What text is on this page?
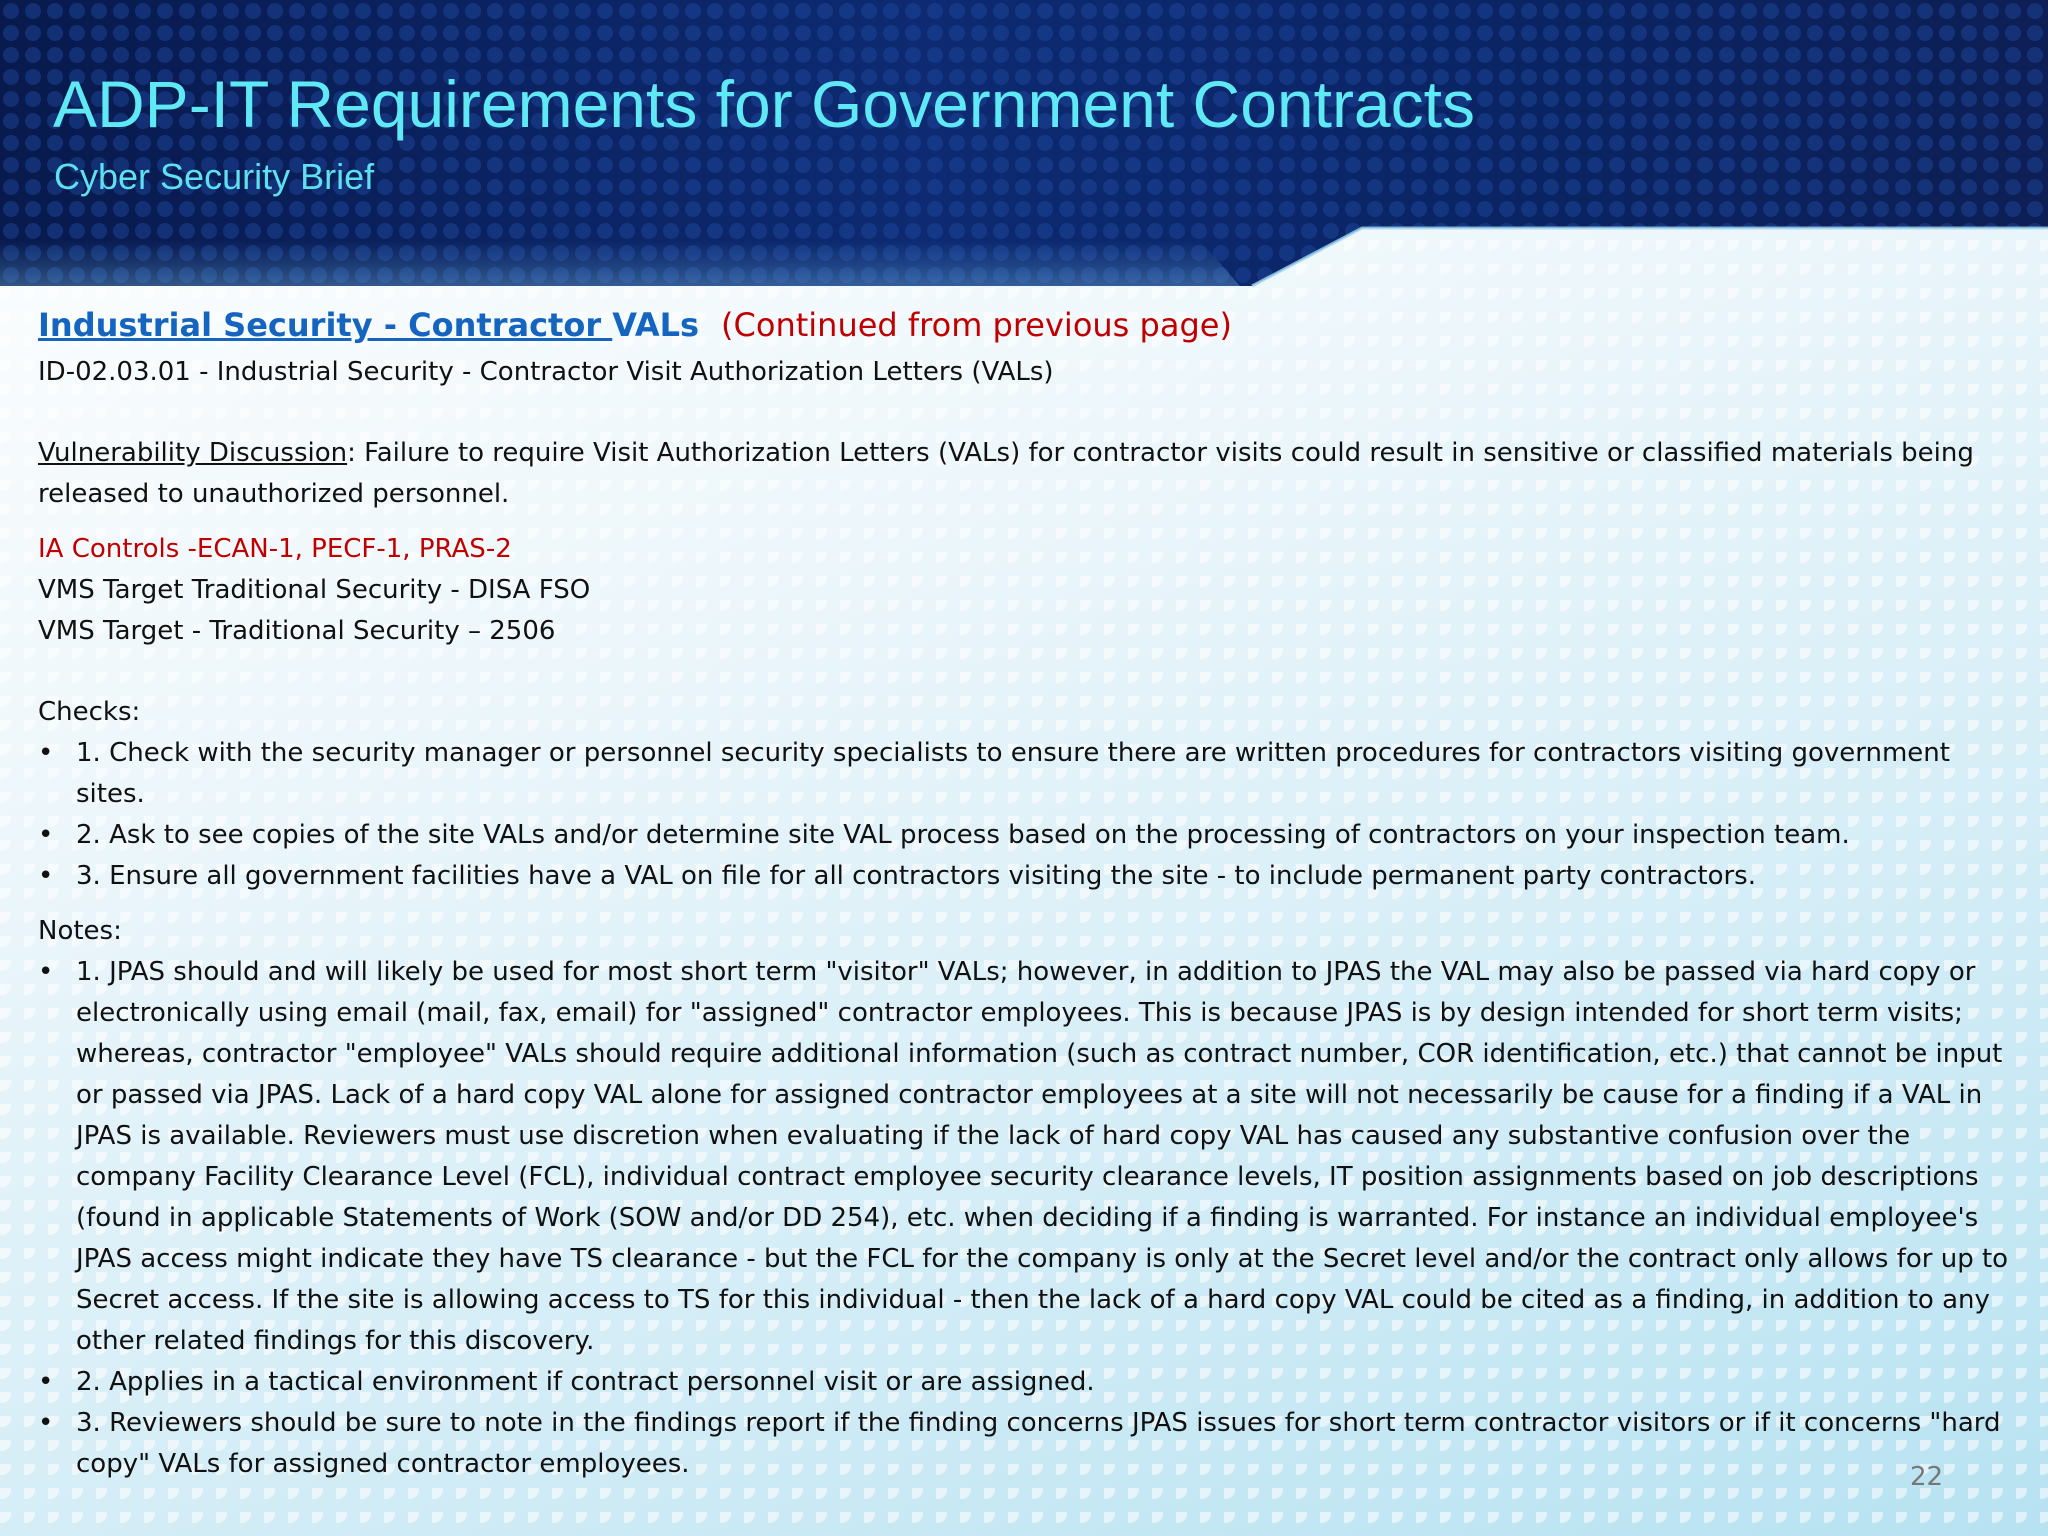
ADP-IT Requirements for Government Contracts

Cyber Security Brief

Industrial Security - Contractor VALs (Continued from previous page)

ID-02.03.01 - Industrial Security - Contractor Visit Authorization Letters (VALs)

Vulnerability Discussion: Failure to require Visit Authorization Letters (VALs) for contractor visits could result in sensitive or classified materials being released to unauthorized personnel.

IA Controls -ECAN-1, PECF-1, PRAS-2

VMS Target Traditional Security - DISA FSO

VMS Target - Traditional Security – 2506

Checks:

• 1. Check with the security manager or personnel security specialists to ensure there are written procedures for contractors visiting government sites.
• 2. Ask to see copies of the site VALs and/or determine site VAL process based on the processing of contractors on your inspection team.
• 3. Ensure all government facilities have a VAL on file for all contractors visiting the site - to include permanent party contractors.

Notes:

• 1. JPAS should and will likely be used for most short term "visitor" VALs; however, in addition to JPAS the VAL may also be passed via hard copy or electronically using email (mail, fax, email) for "assigned" contractor employees. This is because JPAS is by design intended for short term visits; whereas, contractor "employee" VALs should require additional information (such as contract number, COR identification, etc.) that cannot be input or passed via JPAS. Lack of a hard copy VAL alone for assigned contractor employees at a site will not necessarily be cause for a finding if a VAL in JPAS is available. Reviewers must use discretion when evaluating if the lack of hard copy VAL has caused any substantive confusion over the company Facility Clearance Level (FCL), individual contract employee security clearance levels, IT position assignments based on job descriptions (found in applicable Statements of Work (SOW and/or DD 254), etc. when deciding if a finding is warranted. For instance an individual employee's JPAS access might indicate they have TS clearance - but the FCL for the company is only at the Secret level and/or the contract only allows for up to Secret access. If the site is allowing access to TS for this individual - then the lack of a hard copy VAL could be cited as a finding, in addition to any other related findings for this discovery.
• 2. Applies in a tactical environment if contract personnel visit or are assigned.
• 3. Reviewers should be sure to note in the findings report if the finding concerns JPAS issues for short term contractor visitors or if it concerns "hard copy" VALs for assigned contractor employees.	22
